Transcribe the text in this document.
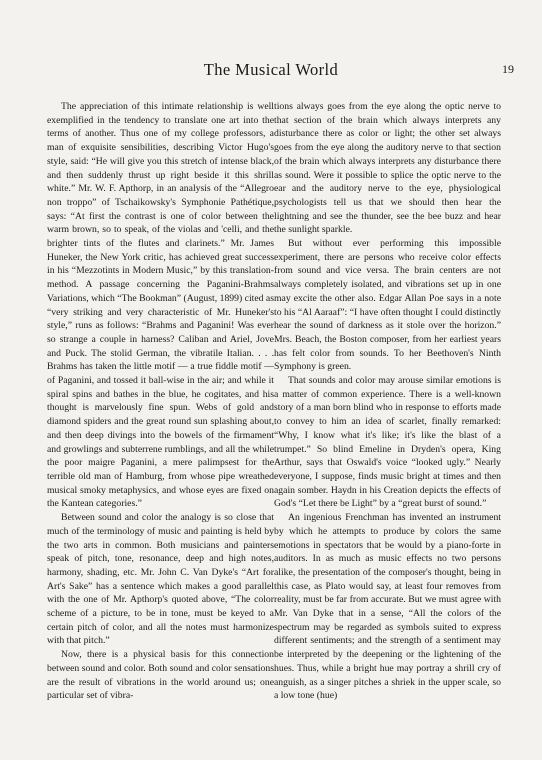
The Musical World	19

The appreciation of this intimate relationship is well exemplified in the tendency to translate one art into the terms of another. Thus one of my college professors, a man of exquisite sensibilities, describing Victor Hugo's style, said: “He will give you this stretch of intense black, and then suddenly thrust up right beside it this shrill white.” Mr. W. F. Apthorp, in an analysis of the “Allegro non troppo” of Tschaikowsky's Symphonie Pathétique, says: “At first the contrast is one of color between the warm brown, so to speak, of the violas and 'celli, and the brighter tints of the flutes and clarinets.” Mr. James Huneker, the New York critic, has achieved great success in his “Mezzotints in Modern Music,” by this translation-method. A passage concerning the Paganini-Brahms Variations, which “The Bookman” (August, 1899) cited as “very striking and very characteristic of Mr. Huneker's style,” runs as follows: “Brahms and Paganini! Was ever so strange a couple in harness? Caliban and Ariel, Jove and Puck. The stolid German, the vibratile Italian. . . . Brahms has taken the little motif — a true fiddle motif — of Paganini, and tossed it ball-wise in the air; and while it spiral spins and bathes in the blue, he cogitates, and his thought is marvelously fine spun. Webs of gold and diamond spiders and the great round sun splashing about, and then deep divings into the bowels of the firmament and growlings and subterrene rumblings, and all the while the poor maigre Paganini, a mere palimpsest for the terrible old man of Hamburg, from whose pipe wreathed musical smoky metaphysics, and whose eyes are fixed on the Kantean categories.”

Between sound and color the analogy is so close that much of the terminology of music and painting is held by the two arts in common. Both musicians and painters speak of pitch, tone, resonance, deep and high notes, harmony, shading, etc. Mr. John C. Van Dyke's “Art for Art's Sake” has a sentence which makes a good parallel with the one of Mr. Apthorp's quoted above, “The color scheme of a picture, to be in tone, must be keyed to a certain pitch of color, and all the notes must harmonize with that pitch.”

Now, there is a physical basis for this connection between sound and color. Both sound and color sensations are the result of vibrations in the world around us; one particular set of vibra-

tions always goes from the eye along the optic nerve to that section of the brain which always interprets any disturbance there as color or light; the other set always goes from the eye along the auditory nerve to that section of the brain which always interprets any disturbance there as sound. Were it possible to splice the optic nerve to the ear and the auditory nerve to the eye, physiological psychologists tell us that we should then hear the lightning and see the thunder, see the bee buzz and hear the sunlight sparkle.

But without ever performing this impossible experiment, there are persons who receive color effects from sound and vice versa. The brain centers are not always completely isolated, and vibrations set up in one may excite the other also. Edgar Allan Poe says in a note to his “Al Aaraaf”: “I have often thought I could distinctly hear the sound of darkness as it stole over the horizon.” Mrs. Beach, the Boston composer, from her earliest years has felt color from sounds. To her Beethoven's Ninth Symphony is green.

That sounds and color may arouse similar emotions is a matter of common experience. There is a well-known story of a man born blind who in response to efforts made to convey to him an idea of scarlet, finally remarked: “Why, I know what it's like; it's like the blast of a trumpet.” So blind Emeline in Dryden's opera, King Arthur, says that Oswald's voice “looked ugly.” Nearly everyone, I suppose, finds music bright at times and then again somber. Haydn in his Creation depicts the effects of God's “Let there be Light” by a “great burst of sound.”

An ingenious Frenchman has invented an instrument by which he attempts to produce by colors the same emotions in spectators that be would by a piano-forte in auditors. In as much as music effects no two persons alike, the presentation of the composer's thought, being in this case, as Plato would say, at least four removes from reality, must be far from accurate. But we must agree with Mr. Van Dyke that in a sense, “All the colors of the spectrum may be regarded as symbols suited to express different sentiments; and the strength of a sentiment may be interpreted by the deepening or the lightening of the hues. Thus, while a bright hue may portray a shrill cry of anguish, as a singer pitches a shriek in the upper scale, so a low tone (hue)
